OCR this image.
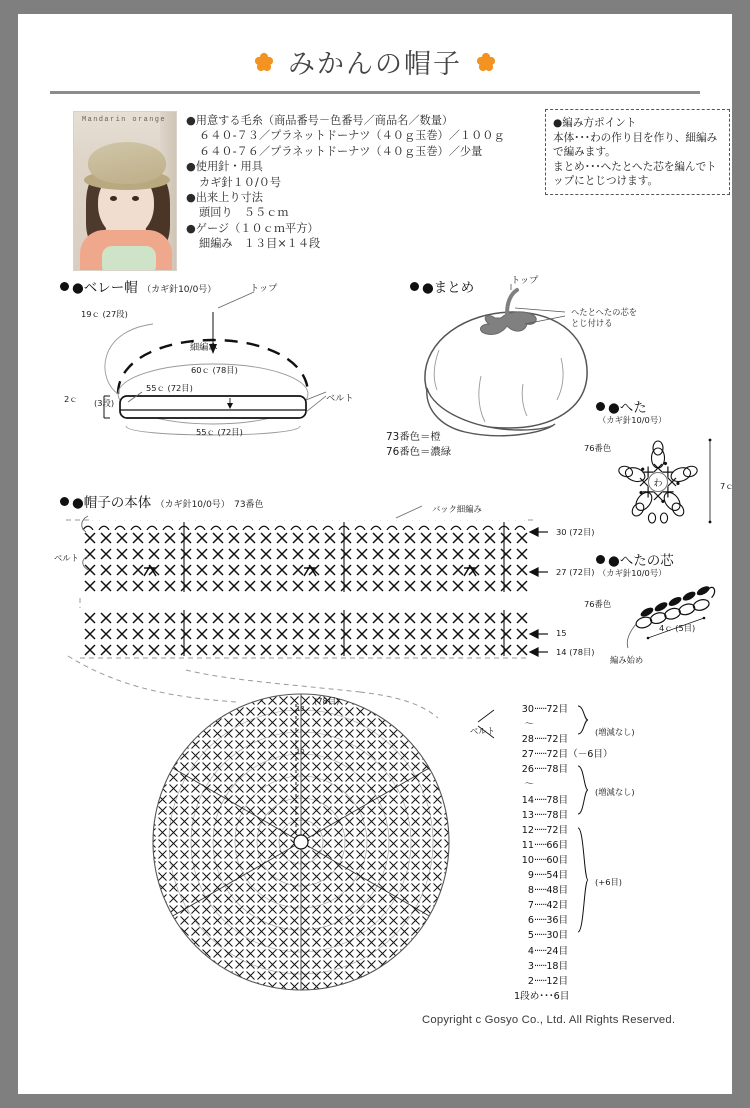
みかんの帽子
Mandarin orange ●用意する毛糸（商品番号－色番号／商品名／数量）
６４０-７３／プラネットドーナツ（４０ｇ玉巻）／１００ｇ
６４０-７６／プラネットドーナツ（４０ｇ玉巻）／少量
●使用針・用具
カギ針１０/０号
●出来上り寸法
頭回り　５５ｃｍ
●ゲージ（１０ｃｍ平方）
細編み　１３目×１４段
●編み方ポイント
本体･･･わの作り目を作り、細編み
で編みます。
まとめ･･･へたとへた芯を編んでト
ップにとじつけます。
●ベレー帽 （カギ針10/0号）	トップ
19ｃ (27段)
細編み
60ｃ (78目)
55ｃ (72目)
55ｃ (72目)
2ｃ (3段)	ベルト
●まとめ	トップ
へたとへたの芯を
とじ付ける
73番色＝橙
76番色＝濃緑
●へた
（カギ針10/0号）
76番色
わ	7ｃ
●へたの芯
（カギ針10/0号）
76番色
4ｃ (5目)
編み始め
●帽子の本体 （カギ針10/0号） 73番色
ベルト
バック細編み
30 (72目)
27 (72目)
15
14 (78目)
(78目)
13
10
ベルト
30······72目
〜
28······72目
27······72目（－6目）
26······78目
〜
14······78目
13······78目
12······72目
11······66目
10······60目
9······54目
8······48目
7······42目
6······36目
5······30目
4······24目
3······18目
2······12目
1段め･･･6目
(増減なし)
(増減なし)
(+6目)
Copyright c Gosyo Co., Ltd. All Rights Reserved.
